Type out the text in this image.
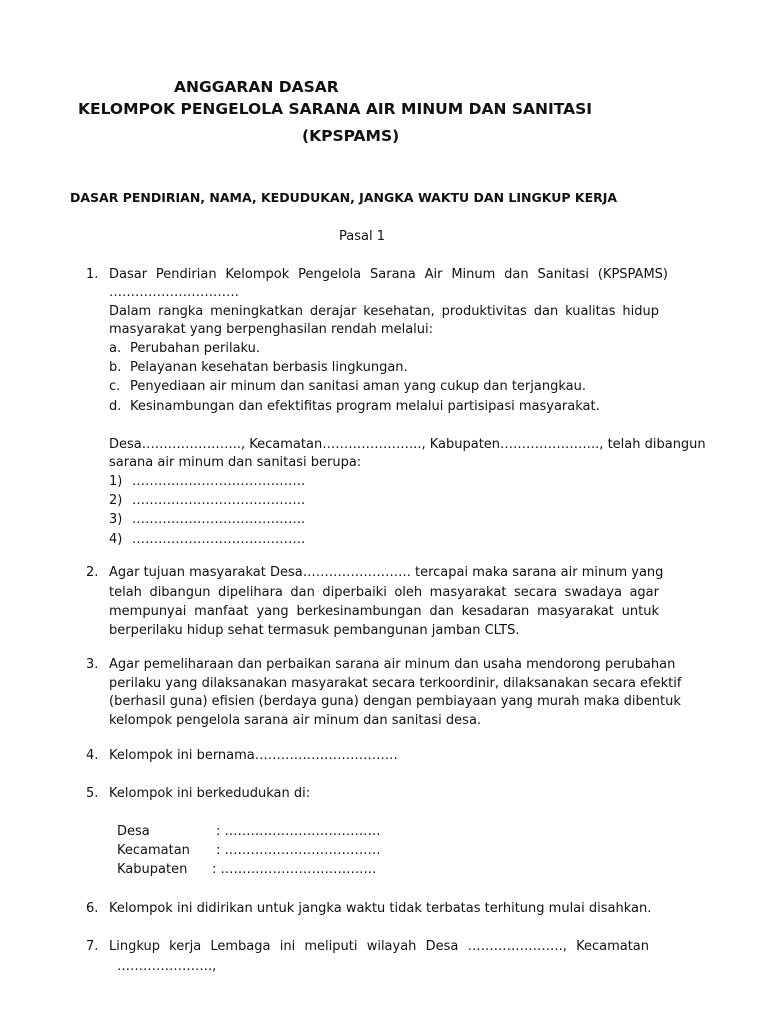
ANGGARAN DASAR
KELOMPOK PENGELOLA SARANA AIR MINUM DAN SANITASI
(KPSPAMS)
DASAR PENDIRIAN, NAMA, KEDUDUKAN, JANGKA WAKTU DAN LINGKUP KERJA
Pasal 1
1. Dasar Pendirian Kelompok Pengelola Sarana Air Minum dan Sanitasi (KPSPAMS)
…………………………
Dalam rangka meningkatkan derajar kesehatan, produktivitas dan kualitas hidup
masyarakat yang berpenghasilan rendah melalui:
a. Perubahan perilaku.
b. Pelayanan kesehatan berbasis lingkungan.
c. Penyediaan air minum dan sanitasi aman yang cukup dan terjangkau.
d. Kesinambungan dan efektifitas program melalui partisipasi masyarakat.
Desa………………….., Kecamatan………………….., Kabupaten………………….., telah dibangun
sarana air minum dan sanitasi berupa:
1) ………………………………….
2) ………………………………….
3) ………………………………….
4) ………………………………….
2. Agar tujuan masyarakat Desa……………………. tercapai maka sarana air minum yang
telah dibangun dipelihara dan diperbaiki oleh masyarakat secara swadaya agar
mempunyai manfaat yang berkesinambungan dan kesadaran masyarakat untuk
berperilaku hidup sehat termasuk pembangunan jamban CLTS.
3. Agar pemeliharaan dan perbaikan sarana air minum dan usaha mendorong perubahan
perilaku yang dilaksanakan masyarakat secara terkoordinir, dilaksanakan secara efektif
(berhasil guna) efisien (berdaya guna) dengan pembiayaan yang murah maka dibentuk
kelompok pengelola sarana air minum dan sanitasi desa.
4. Kelompok ini bernama……………………………
5. Kelompok ini berkedudukan di:
Desa	: ………………………………
Kecamatan : ………………………………
Kabupaten : ………………………………
6. Kelompok ini didirikan untuk jangka waktu tidak terbatas terhitung mulai disahkan.
7. Lingkup kerja Lembaga ini meliputi wilayah Desa …………………., Kecamatan
………………….,
